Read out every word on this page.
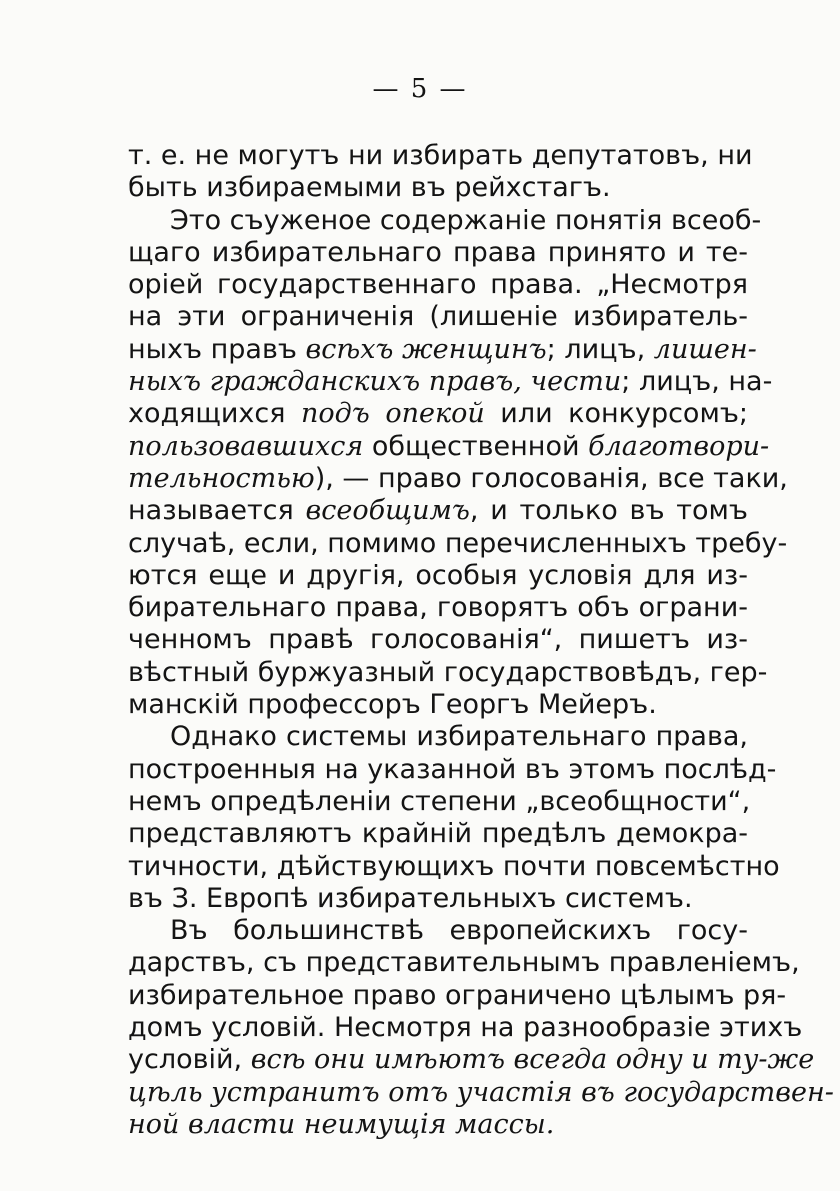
— 5 —
т. е. не могутъ ни избирать депутатовъ, ни
быть избираемыми въ рейхстагъ.
Это съуженое содержаніе понятія всеоб-
щаго избирательнаго права принято и те-
оріей государственнаго права. „Несмотря
на эти ограниченія (лишеніе избиратель-
ныхъ правъ всѣхъ женщинъ; лицъ, лишен-
ныхъ гражданскихъ правъ, чести; лицъ, на-
ходящихся подъ опекой или конкурсомъ;
пользовавшихся общественной благотвори-
тельностью), — право голосованія, все таки,
называется всеобщимъ, и только въ томъ
случаѣ, если, помимо перечисленныхъ требу-
ются еще и другія, особыя условія для из-
бирательнаго права, говорятъ объ ограни-
ченномъ правѣ голосованія“, пишетъ из-
вѣстный буржуазный государствовѣдъ, гер-
манскій профессоръ Георгъ Мейеръ.
Однако системы избирательнаго права,
построенныя на указанной въ этомъ послѣд-
немъ опредѣленіи степени „всеобщности“,
представляютъ крайній предѣлъ демокра-
тичности, дѣйствующихъ почти повсемѣстно
въ З. Европѣ избирательныхъ системъ.
Въ большинствѣ европейскихъ госу-
дарствъ, съ представительнымъ правленіемъ,
избирательное право ограничено цѣлымъ ря-
домъ условій. Несмотря на разнообразіе этихъ
условій, всѣ они имѣютъ всегда одну и ту-же
цѣль устранитъ отъ участія въ государствен-
ной власти неимущія массы.
